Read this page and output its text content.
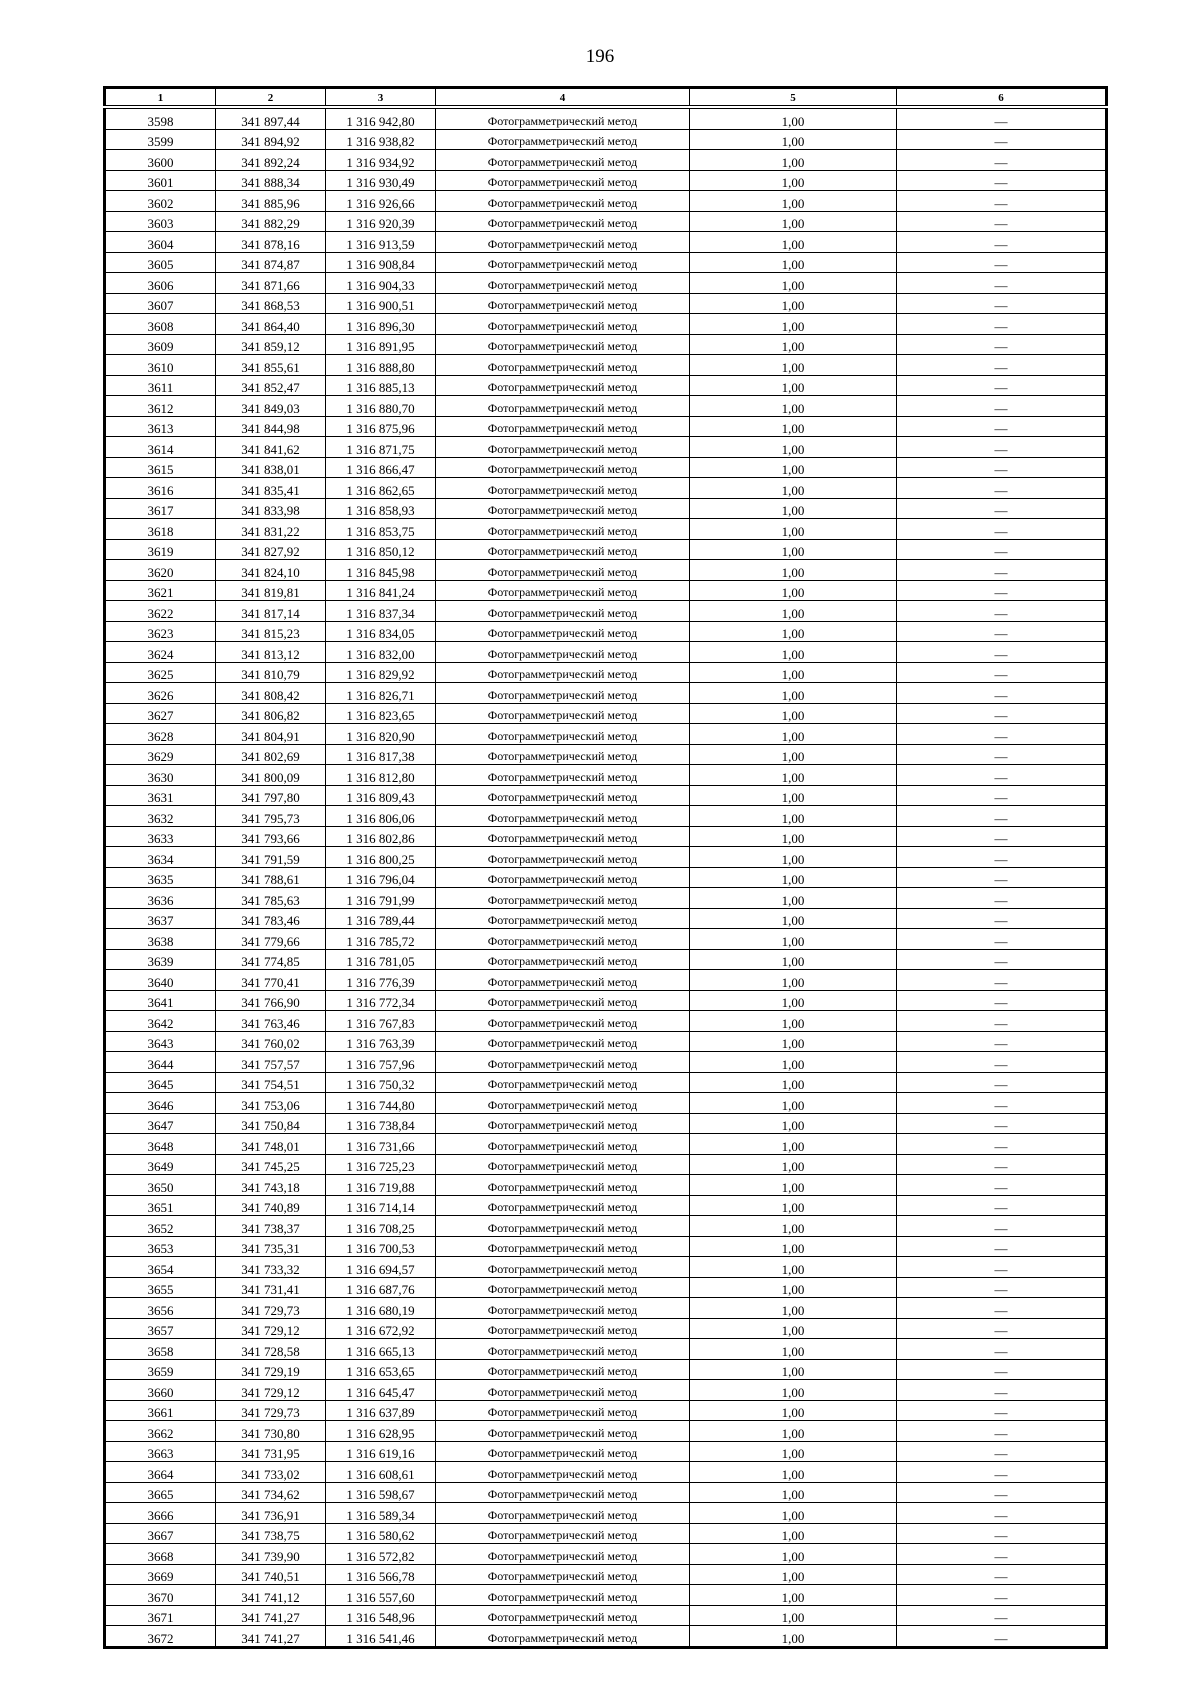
196
1	2	3	4	5	6
3598	341 897,44	1 316 942,80	Фотограмметрический метод	1,00	—
3599	341 894,92	1 316 938,82	Фотограмметрический метод	1,00	—
3600	341 892,24	1 316 934,92	Фотограмметрический метод	1,00	—
3601	341 888,34	1 316 930,49	Фотограмметрический метод	1,00	—
3602	341 885,96	1 316 926,66	Фотограмметрический метод	1,00	—
3603	341 882,29	1 316 920,39	Фотограмметрический метод	1,00	—
3604	341 878,16	1 316 913,59	Фотограмметрический метод	1,00	—
3605	341 874,87	1 316 908,84	Фотограмметрический метод	1,00	—
3606	341 871,66	1 316 904,33	Фотограмметрический метод	1,00	—
3607	341 868,53	1 316 900,51	Фотограмметрический метод	1,00	—
3608	341 864,40	1 316 896,30	Фотограмметрический метод	1,00	—
3609	341 859,12	1 316 891,95	Фотограмметрический метод	1,00	—
3610	341 855,61	1 316 888,80	Фотограмметрический метод	1,00	—
3611	341 852,47	1 316 885,13	Фотограмметрический метод	1,00	—
3612	341 849,03	1 316 880,70	Фотограмметрический метод	1,00	—
3613	341 844,98	1 316 875,96	Фотограмметрический метод	1,00	—
3614	341 841,62	1 316 871,75	Фотограмметрический метод	1,00	—
3615	341 838,01	1 316 866,47	Фотограмметрический метод	1,00	—
3616	341 835,41	1 316 862,65	Фотограмметрический метод	1,00	—
3617	341 833,98	1 316 858,93	Фотограмметрический метод	1,00	—
3618	341 831,22	1 316 853,75	Фотограмметрический метод	1,00	—
3619	341 827,92	1 316 850,12	Фотограмметрический метод	1,00	—
3620	341 824,10	1 316 845,98	Фотограмметрический метод	1,00	—
3621	341 819,81	1 316 841,24	Фотограмметрический метод	1,00	—
3622	341 817,14	1 316 837,34	Фотограмметрический метод	1,00	—
3623	341 815,23	1 316 834,05	Фотограмметрический метод	1,00	—
3624	341 813,12	1 316 832,00	Фотограмметрический метод	1,00	—
3625	341 810,79	1 316 829,92	Фотограмметрический метод	1,00	—
3626	341 808,42	1 316 826,71	Фотограмметрический метод	1,00	—
3627	341 806,82	1 316 823,65	Фотограмметрический метод	1,00	—
3628	341 804,91	1 316 820,90	Фотограмметрический метод	1,00	—
3629	341 802,69	1 316 817,38	Фотограмметрический метод	1,00	—
3630	341 800,09	1 316 812,80	Фотограмметрический метод	1,00	—
3631	341 797,80	1 316 809,43	Фотограмметрический метод	1,00	—
3632	341 795,73	1 316 806,06	Фотограмметрический метод	1,00	—
3633	341 793,66	1 316 802,86	Фотограмметрический метод	1,00	—
3634	341 791,59	1 316 800,25	Фотограмметрический метод	1,00	—
3635	341 788,61	1 316 796,04	Фотограмметрический метод	1,00	—
3636	341 785,63	1 316 791,99	Фотограмметрический метод	1,00	—
3637	341 783,46	1 316 789,44	Фотограмметрический метод	1,00	—
3638	341 779,66	1 316 785,72	Фотограмметрический метод	1,00	—
3639	341 774,85	1 316 781,05	Фотограмметрический метод	1,00	—
3640	341 770,41	1 316 776,39	Фотограмметрический метод	1,00	—
3641	341 766,90	1 316 772,34	Фотограмметрический метод	1,00	—
3642	341 763,46	1 316 767,83	Фотограмметрический метод	1,00	—
3643	341 760,02	1 316 763,39	Фотограмметрический метод	1,00	—
3644	341 757,57	1 316 757,96	Фотограмметрический метод	1,00	—
3645	341 754,51	1 316 750,32	Фотограмметрический метод	1,00	—
3646	341 753,06	1 316 744,80	Фотограмметрический метод	1,00	—
3647	341 750,84	1 316 738,84	Фотограмметрический метод	1,00	—
3648	341 748,01	1 316 731,66	Фотограмметрический метод	1,00	—
3649	341 745,25	1 316 725,23	Фотограмметрический метод	1,00	—
3650	341 743,18	1 316 719,88	Фотограмметрический метод	1,00	—
3651	341 740,89	1 316 714,14	Фотограмметрический метод	1,00	—
3652	341 738,37	1 316 708,25	Фотограмметрический метод	1,00	—
3653	341 735,31	1 316 700,53	Фотограмметрический метод	1,00	—
3654	341 733,32	1 316 694,57	Фотограмметрический метод	1,00	—
3655	341 731,41	1 316 687,76	Фотограмметрический метод	1,00	—
3656	341 729,73	1 316 680,19	Фотограмметрический метод	1,00	—
3657	341 729,12	1 316 672,92	Фотограмметрический метод	1,00	—
3658	341 728,58	1 316 665,13	Фотограмметрический метод	1,00	—
3659	341 729,19	1 316 653,65	Фотограмметрический метод	1,00	—
3660	341 729,12	1 316 645,47	Фотограмметрический метод	1,00	—
3661	341 729,73	1 316 637,89	Фотограмметрический метод	1,00	—
3662	341 730,80	1 316 628,95	Фотограмметрический метод	1,00	—
3663	341 731,95	1 316 619,16	Фотограмметрический метод	1,00	—
3664	341 733,02	1 316 608,61	Фотограмметрический метод	1,00	—
3665	341 734,62	1 316 598,67	Фотограмметрический метод	1,00	—
3666	341 736,91	1 316 589,34	Фотограмметрический метод	1,00	—
3667	341 738,75	1 316 580,62	Фотограмметрический метод	1,00	—
3668	341 739,90	1 316 572,82	Фотограмметрический метод	1,00	—
3669	341 740,51	1 316 566,78	Фотограмметрический метод	1,00	—
3670	341 741,12	1 316 557,60	Фотограмметрический метод	1,00	—
3671	341 741,27	1 316 548,96	Фотограмметрический метод	1,00	—
3672	341 741,27	1 316 541,46	Фотограмметрический метод	1,00	—
